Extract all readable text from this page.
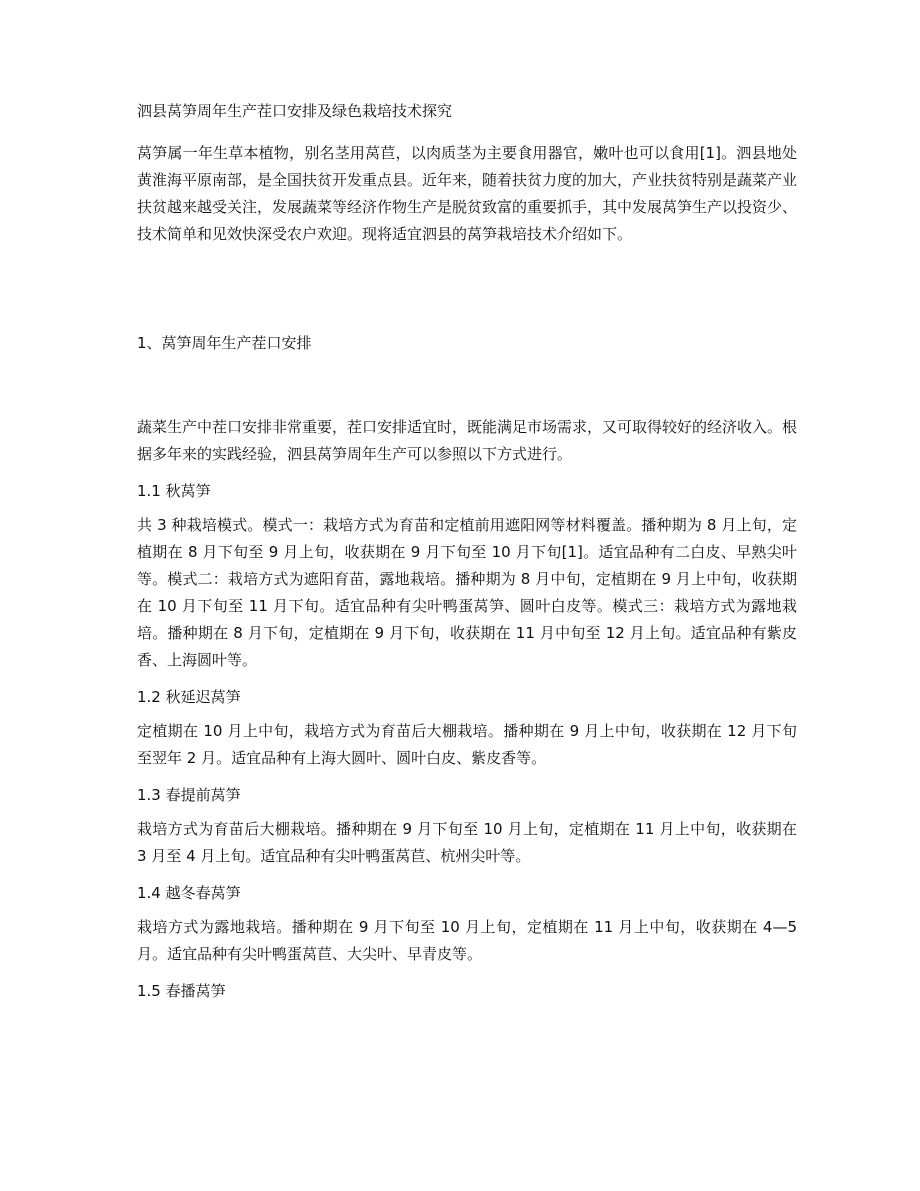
泗县莴笋周年生产茬口安排及绿色栽培技术探究

莴笋属一年生草本植物，别名茎用莴苣，以肉质茎为主要食用器官，嫩叶也可以食用[1]。泗县地处黄淮海平原南部，是全国扶贫开发重点县。近年来，随着扶贫力度的加大，产业扶贫特别是蔬菜产业扶贫越来越受关注，发展蔬菜等经济作物生产是脱贫致富的重要抓手，其中发展莴笋生产以投资少、技术简单和见效快深受农户欢迎。现将适宜泗县的莴笋栽培技术介绍如下。

1、莴笋周年生产茬口安排

蔬菜生产中茬口安排非常重要，茬口安排适宜时，既能满足市场需求，又可取得较好的经济收入。根据多年来的实践经验，泗县莴笋周年生产可以参照以下方式进行。

1.1 秋莴笋

共 3 种栽培模式。模式一：栽培方式为育苗和定植前用遮阳网等材料覆盖。播种期为 8 月上旬，定植期在 8 月下旬至 9 月上旬，收获期在 9 月下旬至 10 月下旬[1]。适宜品种有二白皮、早熟尖叶等。模式二：栽培方式为遮阳育苗，露地栽培。播种期为 8 月中旬，定植期在 9 月上中旬，收获期在 10 月下旬至 11 月下旬。适宜品种有尖叶鸭蛋莴笋、圆叶白皮等。模式三：栽培方式为露地栽培。播种期在 8 月下旬，定植期在 9 月下旬，收获期在 11 月中旬至 12 月上旬。适宜品种有紫皮香、上海圆叶等。

1.2 秋延迟莴笋

定植期在 10 月上中旬，栽培方式为育苗后大棚栽培。播种期在 9 月上中旬，收获期在 12 月下旬至翌年 2 月。适宜品种有上海大圆叶、圆叶白皮、紫皮香等。

1.3 春提前莴笋

栽培方式为育苗后大棚栽培。播种期在 9 月下旬至 10 月上旬，定植期在 11 月上中旬，收获期在 3 月至 4 月上旬。适宜品种有尖叶鸭蛋莴苣、杭州尖叶等。

1.4 越冬春莴笋

栽培方式为露地栽培。播种期在 9 月下旬至 10 月上旬，定植期在 11 月上中旬，收获期在 4—5 月。适宜品种有尖叶鸭蛋莴苣、大尖叶、早青皮等。

1.5 春播莴笋
